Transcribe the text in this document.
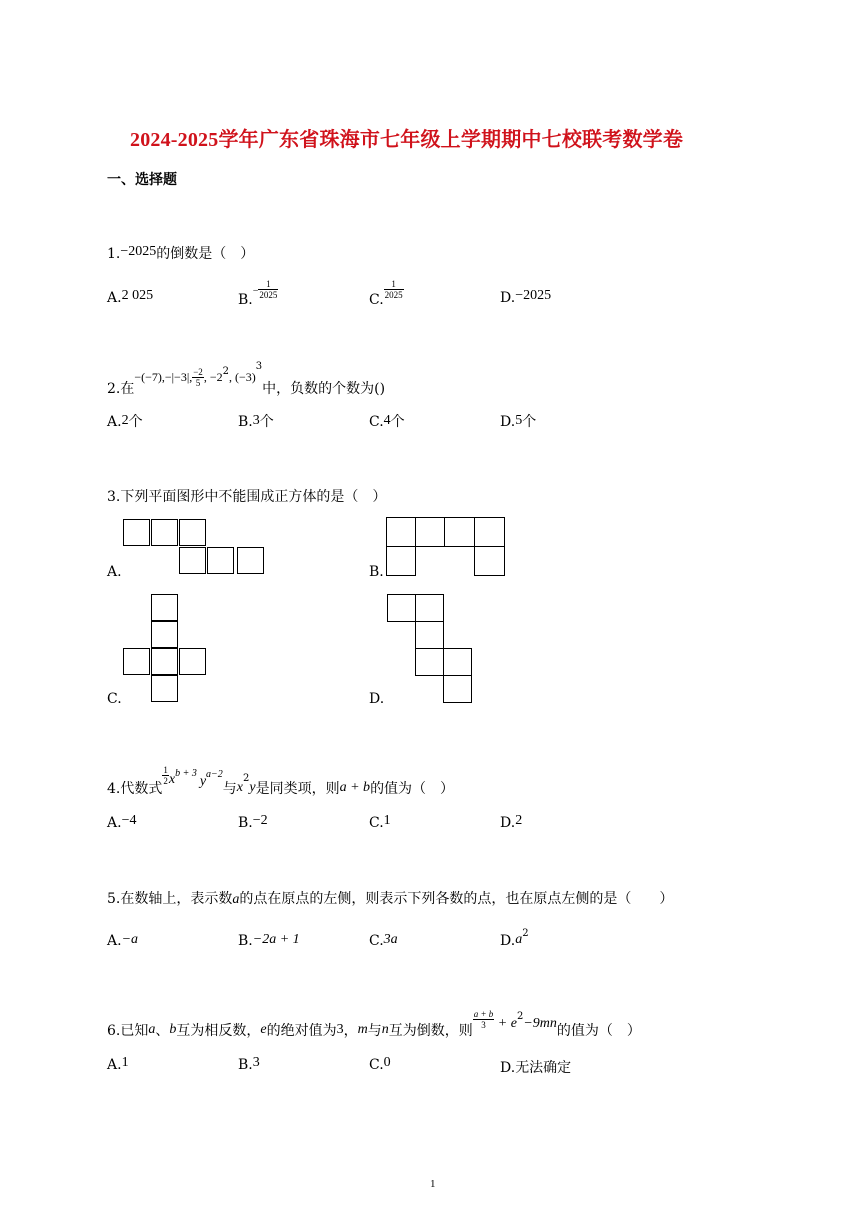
2024-2025学年广东省珠海市七年级上学期期中七校联考数学卷
一、选择题
1.−2025的倒数是（　）
A.2 025	$B.- \frac{1}{2025}$	C. $\frac{1}{2025}$	D.−2025
2.在−(−7),−|−3|, $\frac{-2}{5}$ , $-2^2$, $(-3)^3$中，负数的个数为()
A.2个	B.3个	C.4个	D.5个
3.下列平面图形中不能围成正方体的是（　）
A.	B.
C.	D.
4.代数式
$\frac{1}{2} x^{b + 3}ya-2$与x2y是同类项，则a + b的值为（　）
A.−4	B.−2	C.1	D.2
5.在数轴上，表示数a的点在原点的左侧，则表示下列各数的点，也在原点左侧的是（　　）
A.−a	B.−2a + 1	C.3a	$D.a^2$
6.已知a、b互为相反数，e的绝对值为3，m与n互为倒数，则
$\frac{a + b}{3} + e^2-9mn$的值为（　）
A.1	B.3	C.0	D.无法确定
1
